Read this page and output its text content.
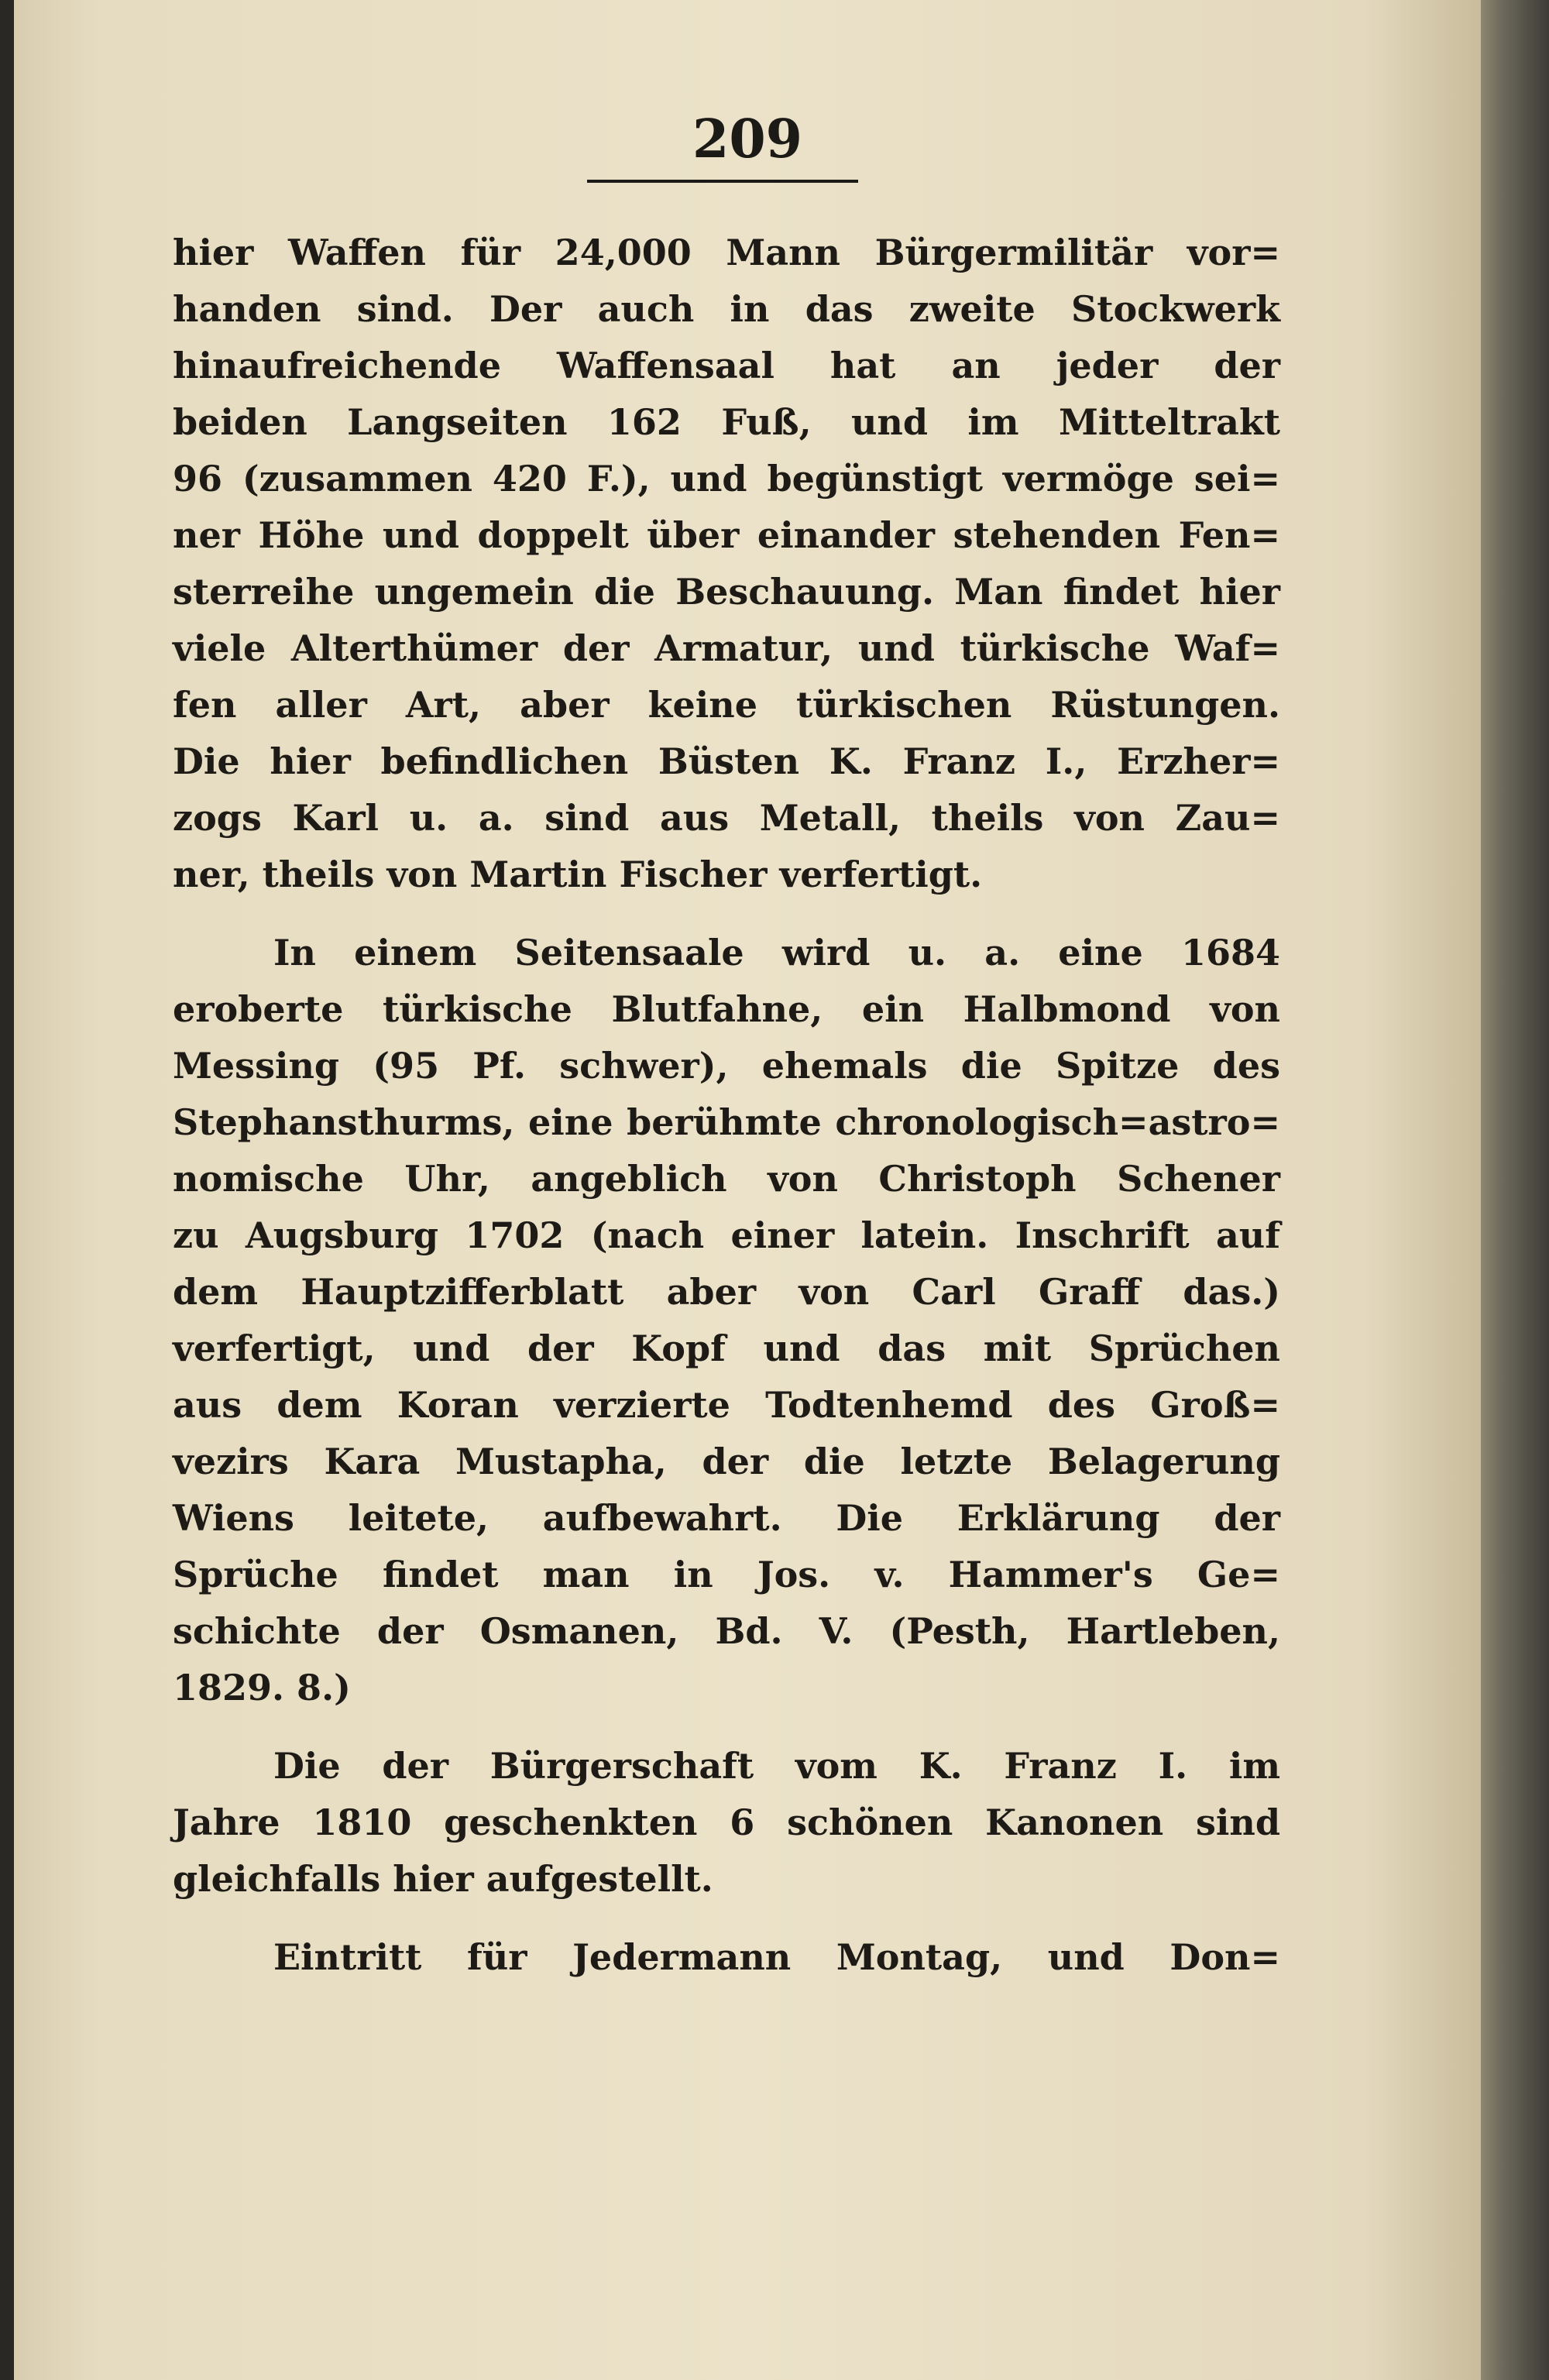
209

hier Waffen für 24,000 Mann Bürgermilitär vor=
handen sind. Der auch in das zweite Stockwerk
hinaufreichende Waffensaal hat an jeder der
beiden Langseiten 162 Fuß, und im Mitteltrakt
96 (zusammen 420 F.), und begünstigt vermöge sei=
ner Höhe und doppelt über einander stehenden Fen=
sterreihe ungemein die Beschauung. Man findet hier
viele Alterthümer der Armatur, und türkische Waf=
fen aller Art, aber keine türkischen Rüstungen.
Die hier befindlichen Büsten K. Franz I., Erzher=
zogs Karl u. a. sind aus Metall, theils von Zau=
ner, theils von Martin Fischer verfertigt.

In einem Seitensaale wird u. a. eine 1684
eroberte türkische Blutfahne, ein Halbmond von
Messing (95 Pf. schwer), ehemals die Spitze des
Stephansthurms, eine berühmte chronologisch=astro=
nomische Uhr, angeblich von Christoph Schener
zu Augsburg 1702 (nach einer latein. Inschrift auf
dem Hauptzifferblatt aber von Carl Graff das.)
verfertigt, und der Kopf und das mit Sprüchen
aus dem Koran verzierte Todtenhemd des Groß=
vezirs Kara Mustapha, der die letzte Belagerung
Wiens leitete, aufbewahrt. Die Erklärung der
Sprüche findet man in Jos. v. Hammer's Ge=
schichte der Osmanen, Bd. V. (Pesth, Hartleben,
1829. 8.)

Die der Bürgerschaft vom K. Franz I. im
Jahre 1810 geschenkten 6 schönen Kanonen sind
gleichfalls hier aufgestellt.

Eintritt für Jedermann Montag, und Don=
